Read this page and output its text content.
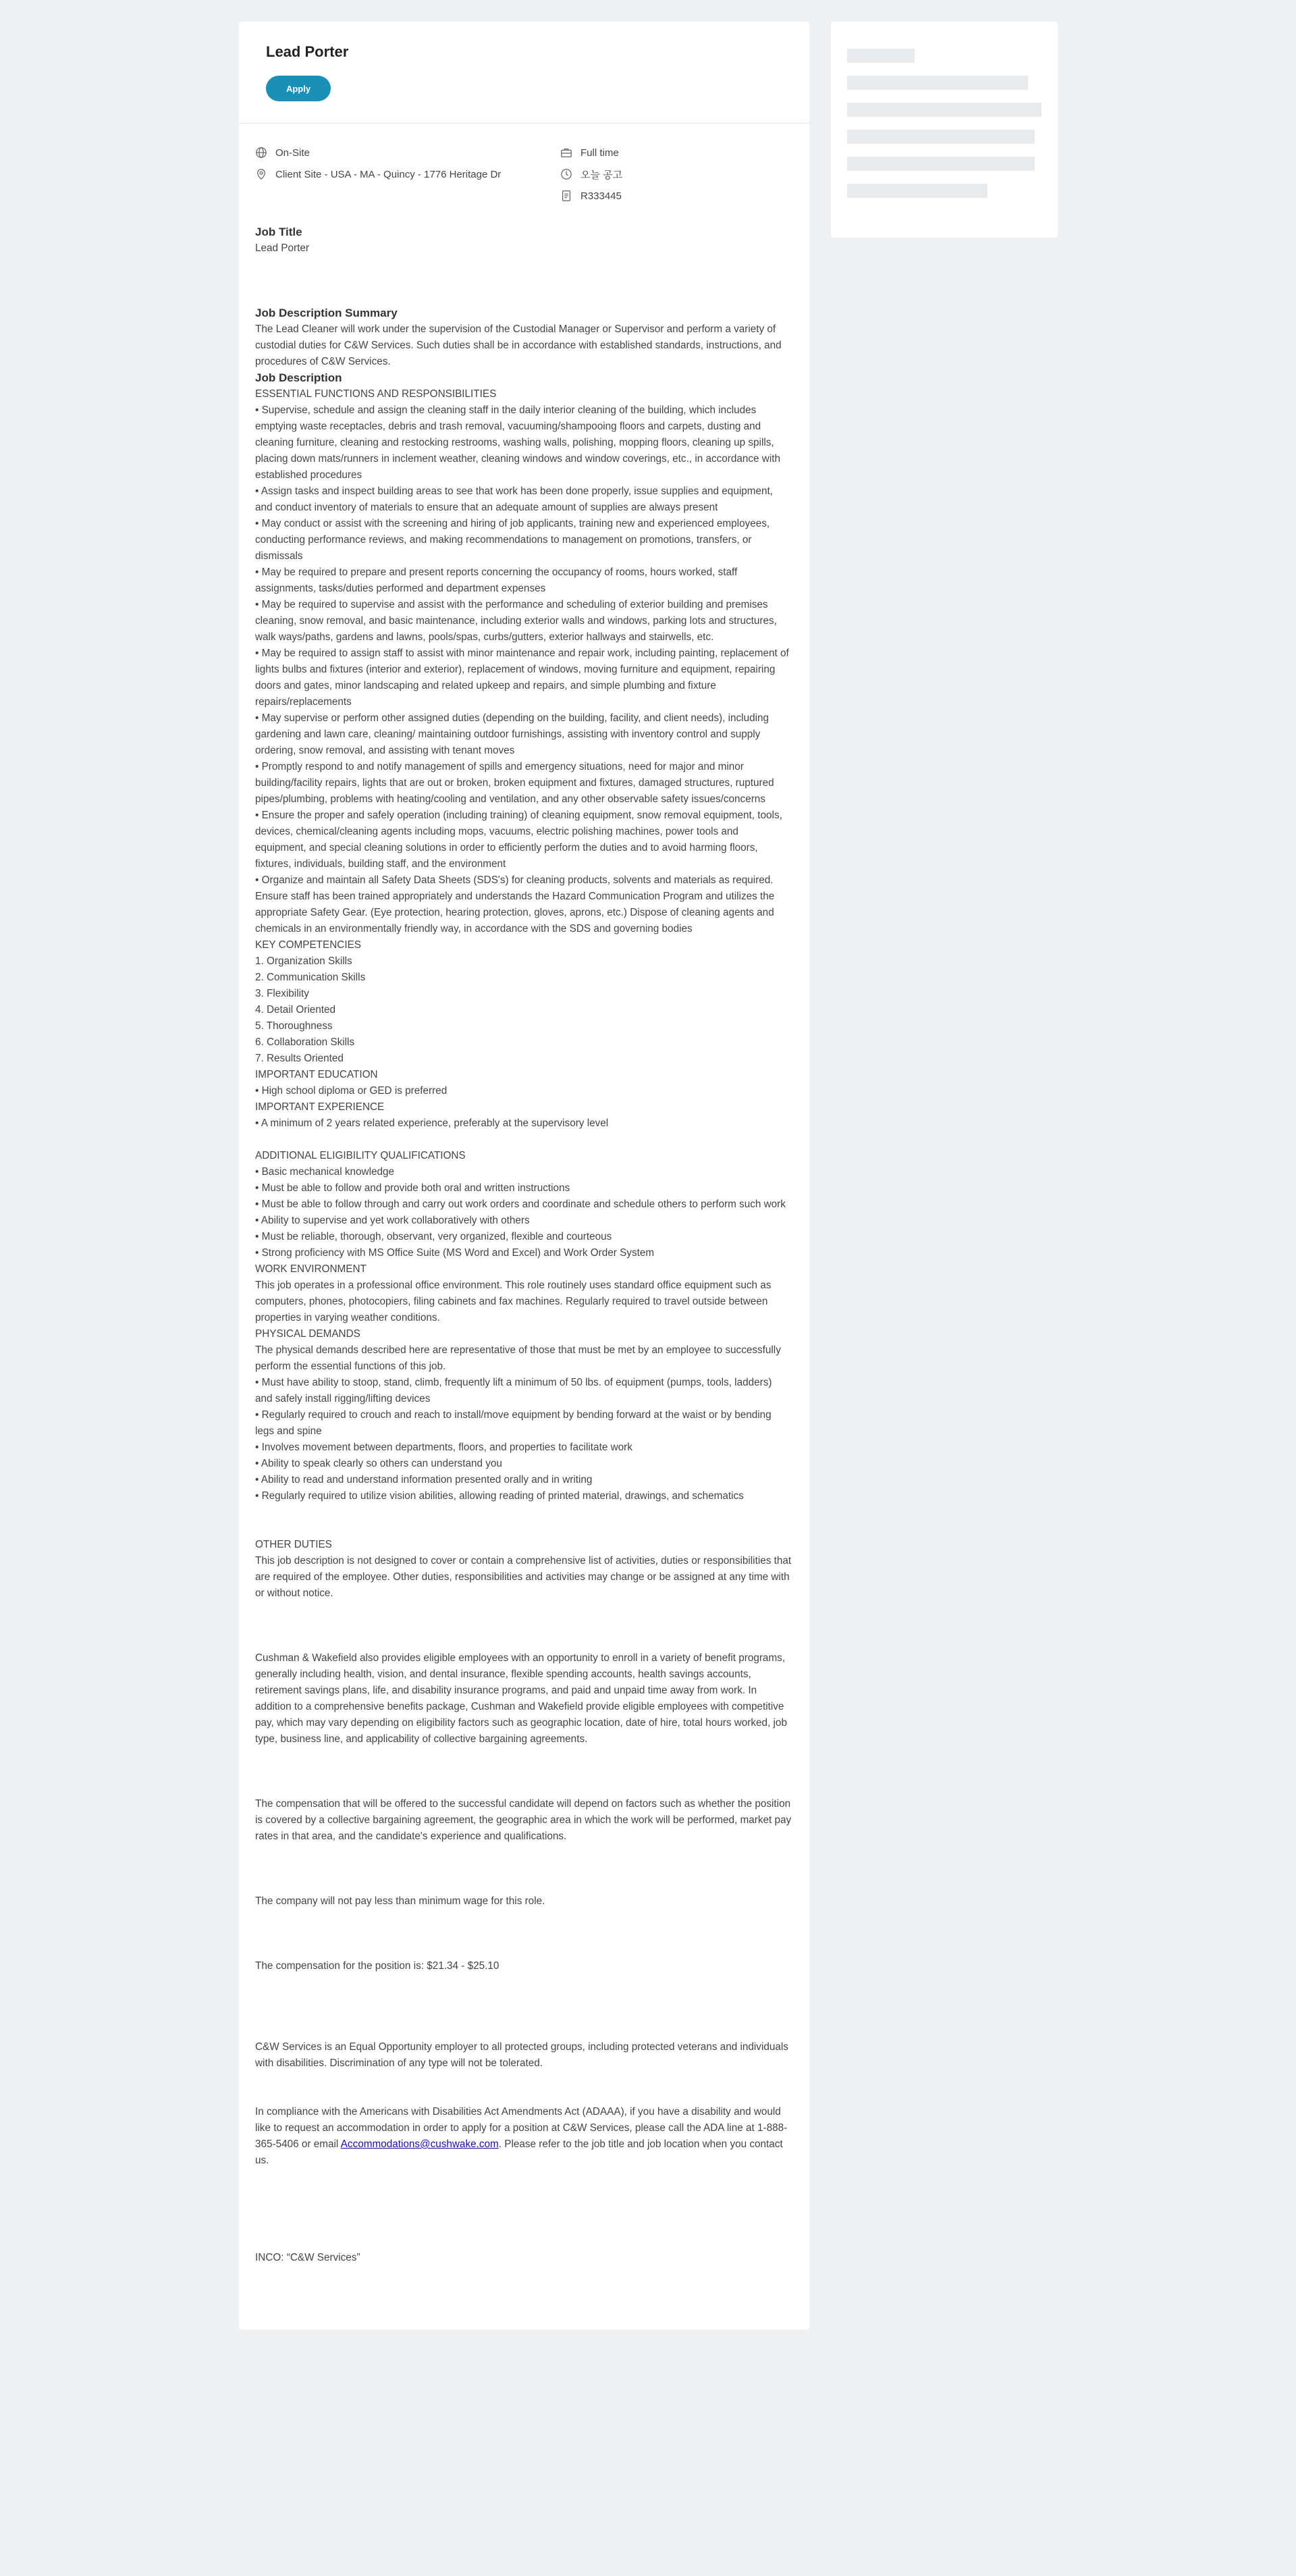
Lead Porter
Apply
On-Site
Client Site - USA - MA - Quincy - 1776 Heritage Dr
Full time
오늘 공고
R333445
Job Title

Lead Porter

Job Description Summary

The Lead Cleaner will work under the supervision of the Custodial Manager or Supervisor and perform a variety of custodial duties for C&W Services. Such duties shall be in accordance with established standards, instructions, and procedures of C&W Services.

Job Description

ESSENTIAL FUNCTIONS AND RESPONSIBILITIES

• Supervise, schedule and assign the cleaning staff in the daily interior cleaning of the building, which includes emptying waste receptacles, debris and trash removal, vacuuming/shampooing floors and carpets, dusting and cleaning furniture, cleaning and restocking restrooms, washing walls, polishing, mopping floors, cleaning up spills, placing down mats/runners in inclement weather, cleaning windows and window coverings, etc., in accordance with established procedures

• Assign tasks and inspect building areas to see that work has been done properly, issue supplies and equipment, and conduct inventory of materials to ensure that an adequate amount of supplies are always present

• May conduct or assist with the screening and hiring of job applicants, training new and experienced employees, conducting performance reviews, and making recommendations to management on promotions, transfers, or dismissals

• May be required to prepare and present reports concerning the occupancy of rooms, hours worked, staff assignments, tasks/duties performed and department expenses

• May be required to supervise and assist with the performance and scheduling of exterior building and premises cleaning, snow removal, and basic maintenance, including exterior walls and windows, parking lots and structures, walk ways/paths, gardens and lawns, pools/spas, curbs/gutters, exterior hallways and stairwells, etc.

• May be required to assign staff to assist with minor maintenance and repair work, including painting, replacement of lights bulbs and fixtures (interior and exterior), replacement of windows, moving furniture and equipment, repairing doors and gates, minor landscaping and related upkeep and repairs, and simple plumbing and fixture repairs/replacements

• May supervise or perform other assigned duties (depending on the building, facility, and client needs), including gardening and lawn care, cleaning/ maintaining outdoor furnishings, assisting with inventory control and supply ordering, snow removal, and assisting with tenant moves

• Promptly respond to and notify management of spills and emergency situations, need for major and minor building/facility repairs, lights that are out or broken, broken equipment and fixtures, damaged structures, ruptured pipes/plumbing, problems with heating/cooling and ventilation, and any other observable safety issues/concerns

• Ensure the proper and safely operation (including training) of cleaning equipment, snow removal equipment, tools, devices, chemical/cleaning agents including mops, vacuums, electric polishing machines, power tools and equipment, and special cleaning solutions in order to efficiently perform the duties and to avoid harming floors, fixtures, individuals, building staff, and the environment

• Organize and maintain all Safety Data Sheets (SDS's) for cleaning products, solvents and materials as required. Ensure staff has been trained appropriately and understands the Hazard Communication Program and utilizes the appropriate Safety Gear. (Eye protection, hearing protection, gloves, aprons, etc.) Dispose of cleaning agents and chemicals in an environmentally friendly way, in accordance with the SDS and governing bodies

KEY COMPETENCIES

1. Organization Skills

2. Communication Skills

3. Flexibility

4. Detail Oriented

5. Thoroughness

6. Collaboration Skills

7. Results Oriented

IMPORTANT EDUCATION

• High school diploma or GED is preferred

IMPORTANT EXPERIENCE

• A minimum of 2 years related experience, preferably at the supervisory level

ADDITIONAL ELIGIBILITY QUALIFICATIONS

• Basic mechanical knowledge

• Must be able to follow and provide both oral and written instructions

• Must be able to follow through and carry out work orders and coordinate and schedule others to perform such work

• Ability to supervise and yet work collaboratively with others

• Must be reliable, thorough, observant, very organized, flexible and courteous

• Strong proficiency with MS Office Suite (MS Word and Excel) and Work Order System

WORK ENVIRONMENT

This job operates in a professional office environment. This role routinely uses standard office equipment such as computers, phones, photocopiers, filing cabinets and fax machines. Regularly required to travel outside between properties in varying weather conditions.

PHYSICAL DEMANDS

The physical demands described here are representative of those that must be met by an employee to successfully perform the essential functions of this job.

• Must have ability to stoop, stand, climb, frequently lift a minimum of 50 lbs. of equipment (pumps, tools, ladders) and safely install rigging/lifting devices

• Regularly required to crouch and reach to install/move equipment by bending forward at the waist or by bending legs and spine

• Involves movement between departments, floors, and properties to facilitate work

• Ability to speak clearly so others can understand you

• Ability to read and understand information presented orally and in writing

• Regularly required to utilize vision abilities, allowing reading of printed material, drawings, and schematics

OTHER DUTIES

This job description is not designed to cover or contain a comprehensive list of activities, duties or responsibilities that are required of the employee. Other duties, responsibilities and activities may change or be assigned at any time with or without notice.

Cushman & Wakefield also provides eligible employees with an opportunity to enroll in a variety of benefit programs, generally including health, vision, and dental insurance, flexible spending accounts, health savings accounts, retirement savings plans, life, and disability insurance programs, and paid and unpaid time away from work. In addition to a comprehensive benefits package, Cushman and Wakefield provide eligible employees with competitive pay, which may vary depending on eligibility factors such as geographic location, date of hire, total hours worked, job type, business line, and applicability of collective bargaining agreements.

The compensation that will be offered to the successful candidate will depend on factors such as whether the position is covered by a collective bargaining agreement, the geographic area in which the work will be performed, market pay rates in that area, and the candidate's experience and qualifications.

The company will not pay less than minimum wage for this role.

The compensation for the position is: $21.34 - $25.10

C&W Services is an Equal Opportunity employer to all protected groups, including protected veterans and individuals with disabilities. Discrimination of any type will not be tolerated.

In compliance with the Americans with Disabilities Act Amendments Act (ADAAA), if you have a disability and would like to request an accommodation in order to apply for a position at C&W Services, please call the ADA line at 1-888-365-5406 or email Accommodations@cushwake.com. Please refer to the job title and job location when you contact us.

INCO: “C&W Services”
